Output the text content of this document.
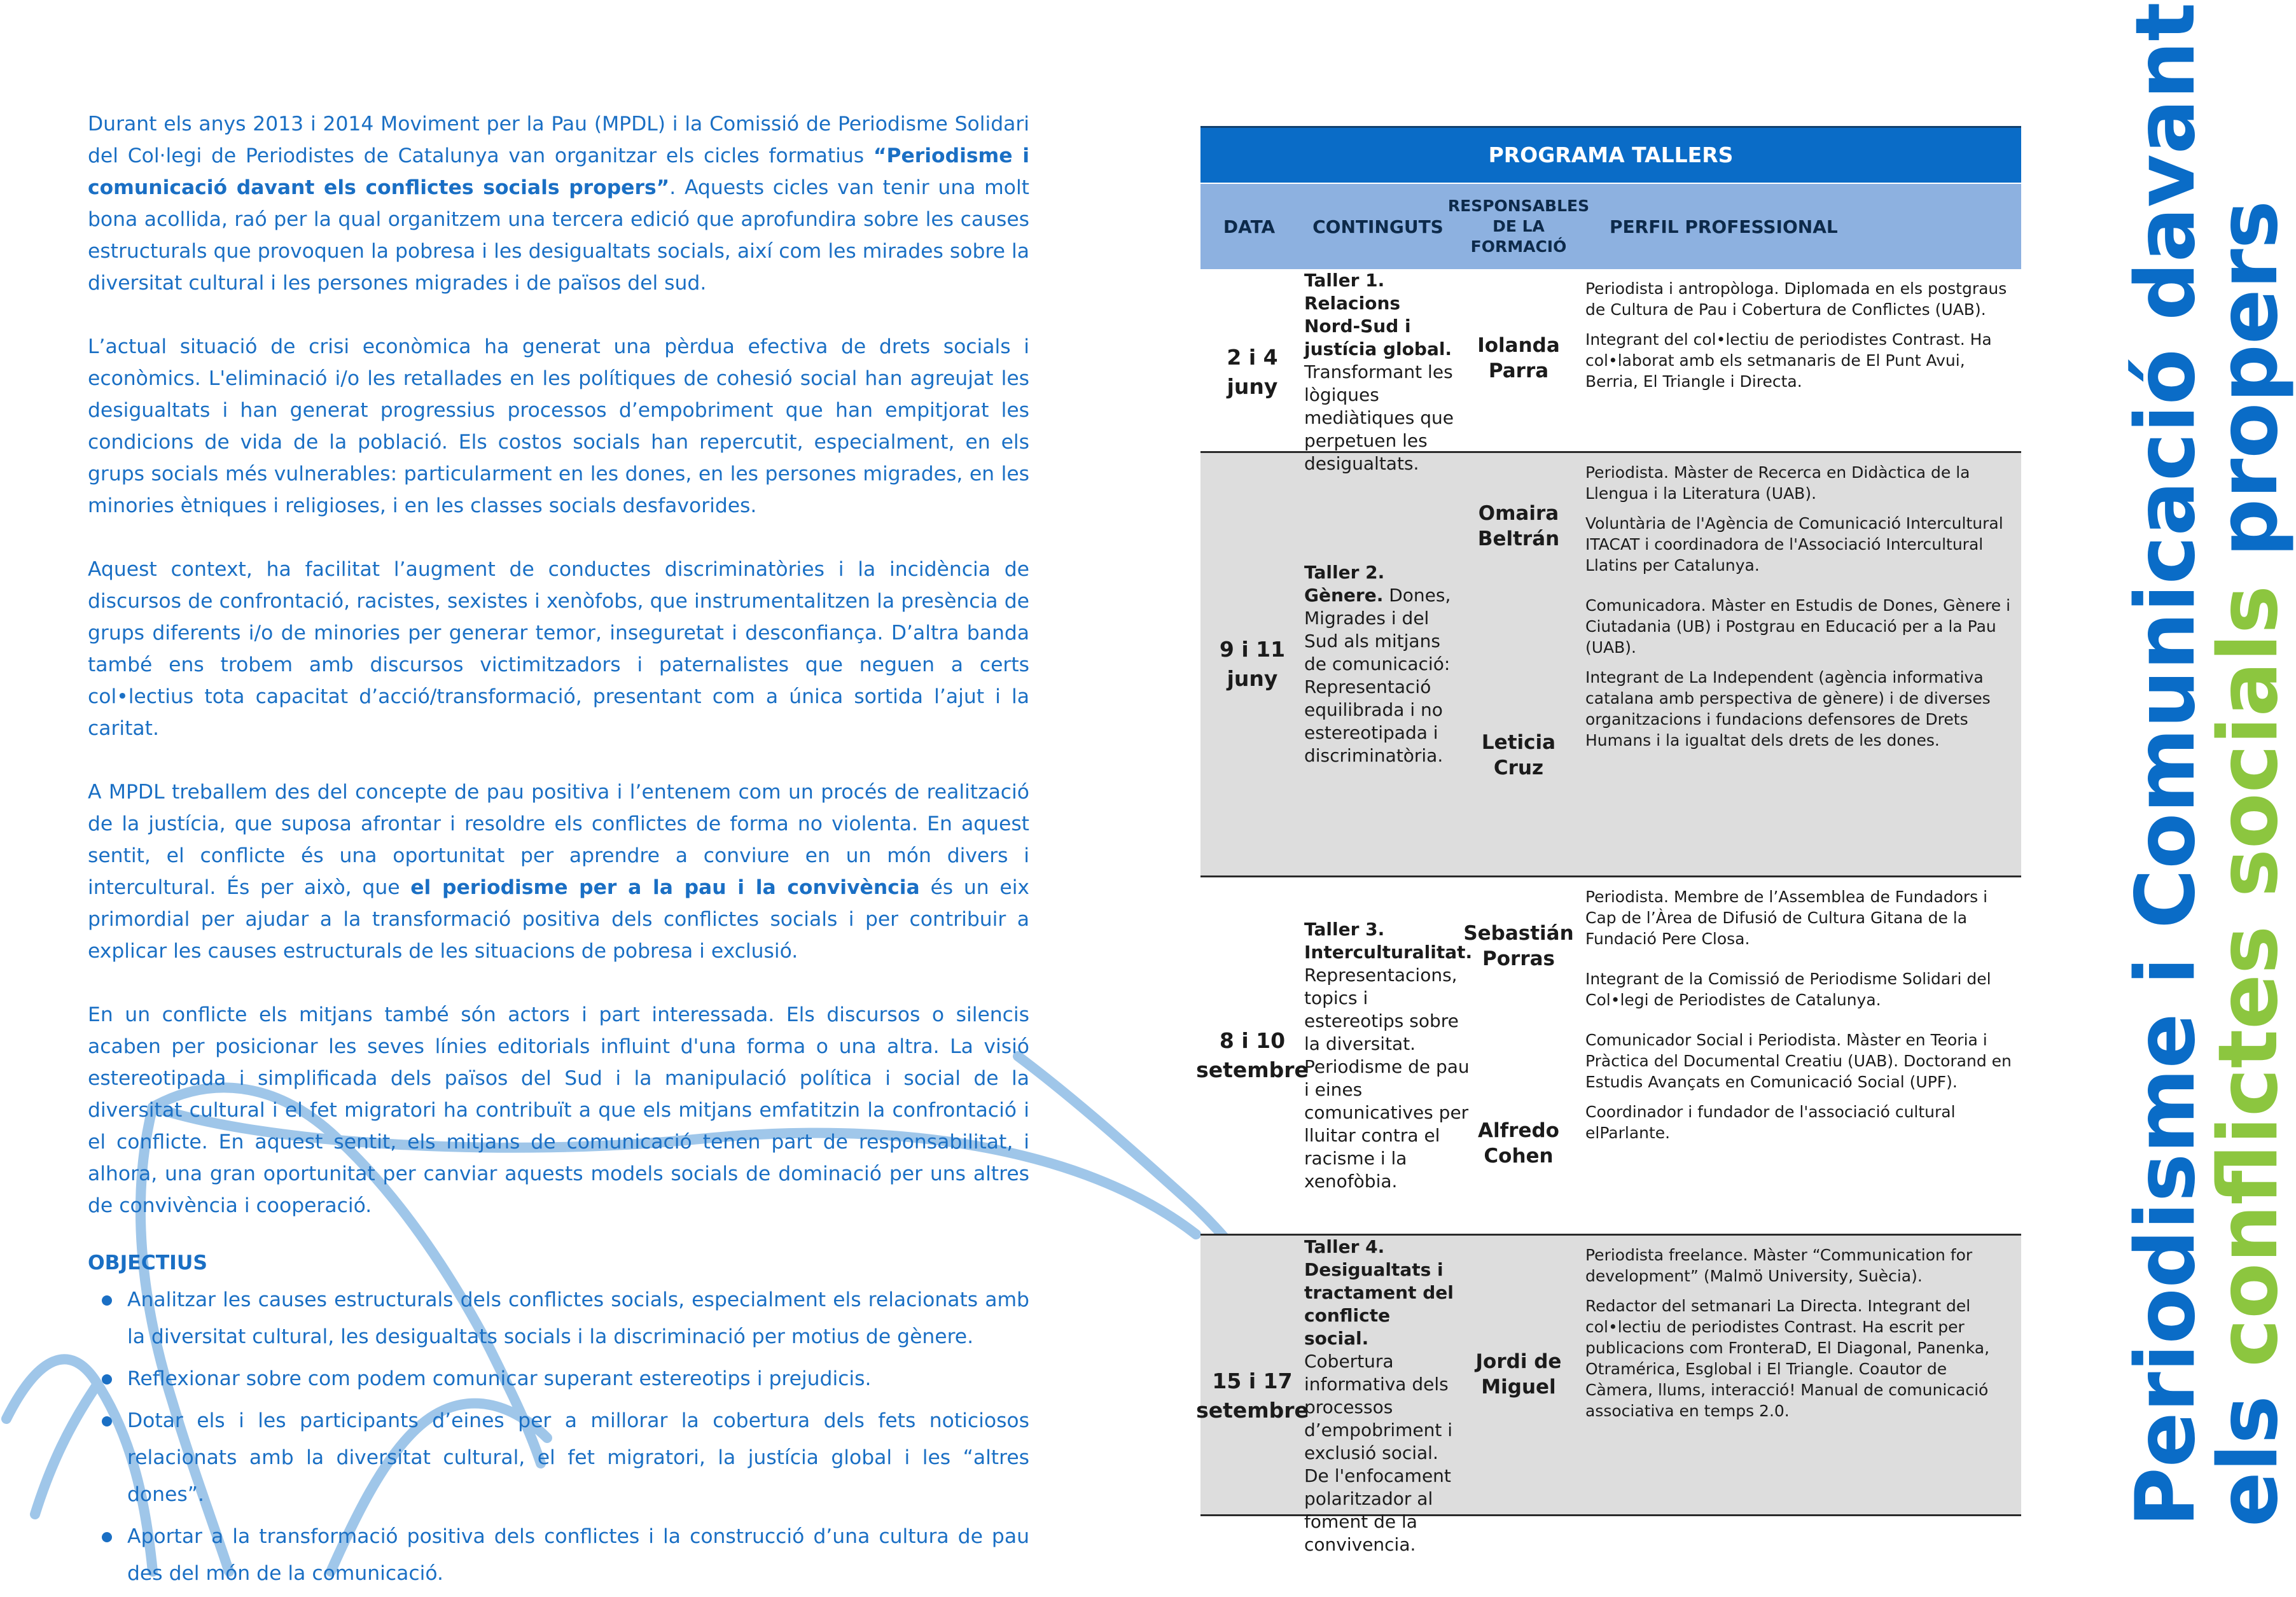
Durant els anys 2013 i 2014 Moviment per la Pau (MPDL) i la Comissió de Periodisme Solidari del Col·legi de Periodistes de Catalunya van organitzar els cicles formatius “Periodisme i comunicació davant els conflictes socials propers”. Aquests cicles van tenir una molt bona acollida, raó per la qual organitzem una tercera edició que aprofundira sobre les causes estructurals que provoquen la pobresa i les desigualtats socials, així com les mirades sobre la diversitat cultural i les persones migrades i de països del sud.

L’actual situació de crisi econòmica ha generat una pèrdua efectiva de drets socials i econòmics. L'eliminació i/o les retallades en les polítiques de cohesió social han agreujat les desigualtats i han generat progressius processos d’empobriment que han empitjorat les condicions de vida de la població. Els costos socials han repercutit, especialment, en els grups socials més vulnerables: particularment en les dones, en les persones migrades, en les minories ètniques i religioses, i en les classes socials desfavorides.

Aquest context, ha facilitat l’augment de conductes discriminatòries i la incidència de discursos de confrontació, racistes, sexistes i xenòfobs, que instrumentalitzen la presència de grups diferents i/o de minories per generar temor, inseguretat i desconfiança. D’altra banda també ens trobem amb discursos victimitzadors i paternalistes que neguen a certs col•lectius tota capacitat d’acció/transformació, presentant com a única sortida l’ajut i la caritat.

A MPDL treballem des del concepte de pau positiva i l’entenem com un procés de realització de la justícia, que suposa afrontar i resoldre els conflictes de forma no violenta. En aquest sentit, el conflicte és una oportunitat per aprendre a conviure en un món divers i intercultural. És per això, que el periodisme per a la pau i la convivència és un eix primordial per ajudar a la transformació positiva dels conflictes socials i per contribuir a explicar les causes estructurals de les situacions de pobresa i exclusió.

En un conflicte els mitjans també són actors i part interessada. Els discursos o silencis acaben per posicionar les seves línies editorials influint d'una forma o una altra. La visió estereotipada i simplificada dels països del Sud i la manipulació política i social de la diversitat cultural i el fet migratori ha contribuït a que els mitjans emfatitzin la confrontació i el conflicte. En aquest sentit, els mitjans de comunicació tenen part de responsabilitat, i alhora, una gran oportunitat per canviar aquests models socials de dominació per uns altres de convivència i cooperació.

OBJECTIUS
Analitzar les causes estructurals dels conflictes socials, especialment els relacionats amb la diversitat cultural, les desigualtats socials i la discriminació per motius de gènere.
Reflexionar sobre com podem comunicar superant estereotips i prejudicis.
Dotar els i les participants d’eines per a millorar la cobertura dels fets noticiosos relacionats amb la diversitat cultural, el fet migratori, la justícia global i les “altres dones”.
Aportar a la transformació positiva dels conflictes i la construcció d’una cultura de pau des del món de la comunicació.
PROGRAMA TALLERS
DATA	CONTINGUTS
RESPONSABLES DE LA FORMACIÓ
PERFIL PROFESSIONAL
2 i 4 juny
Taller 1. Relacions Nord-Sud i justícia global. Transformant les lògiques mediàtiques que perpetuen les desigualtats.
Iolanda Parra

Periodista i antropòloga. Diplomada en els postgraus de Cultura de Pau i Cobertura de Conflictes (UAB).

Integrant del col•lectiu de periodistes Contrast. Ha col•laborat amb els setmanaris de El Punt Avui, Berria, El Triangle i Directa.

9 i 11 juny
Taller 2. Gènere. Dones, Migrades i del Sud als mitjans de comunicació: Representació equilibrada i no estereotipada i discriminatòria.
Omaira Beltrán
Leticia Cruz

Periodista. Màster de Recerca en Didàctica de la Llengua i la Literatura (UAB).

Voluntària de l'Agència de Comunicació Intercultural ITACAT i coordinadora de l'Associació Intercultural Llatins per Catalunya.

Comunicadora. Màster en Estudis de Dones, Gènere i Ciutadania (UB) i Postgrau en Educació per a la Pau (UAB).

Integrant de La Independent (agència informativa catalana amb perspectiva de gènere) i de diverses organitzacions i fundacions defensores de Drets Humans i la igualtat dels drets de les dones.

8 i 10 setembre
Taller 3. Interculturalitat. Representacions, topics i estereotips sobre la diversitat. Periodisme de pau i eines comunicatives per lluitar contra el racisme i la xenofòbia.
Sebastián Porras
Alfredo Cohen

Periodista. Membre de l’Assemblea de Fundadors i Cap de l’Àrea de Difusió de Cultura Gitana de la Fundació Pere Closa.

Integrant de la Comissió de Periodisme Solidari del Col•legi de Periodistes de Catalunya.

Comunicador Social i Periodista. Màster en Teoria i Pràctica del Documental Creatiu (UAB). Doctorand en Estudis Avançats en Comunicació Social (UPF).

Coordinador i fundador de l'associació cultural elParlante.

15 i 17 setembre
Taller 4. Desigualtats i tractament del conflicte social. Cobertura informativa dels processos d’empobriment i exclusió social. De l'enfocament polaritzador al foment de la convivencia.
Jordi de Miguel

Periodista freelance. Màster “Communication for development” (Malmö University, Suècia).

Redactor del setmanari La Directa. Integrant del col•lectiu de periodistes Contrast. Ha escrit per publicacions com FronteraD, El Diagonal, Panenka, Otramérica, Esglobal i El Triangle. Coautor de Càmera, llums, interacció! Manual de comunicació associativa en temps 2.0.	Periodisme i Comunicació davant
els conflictes socials propers
